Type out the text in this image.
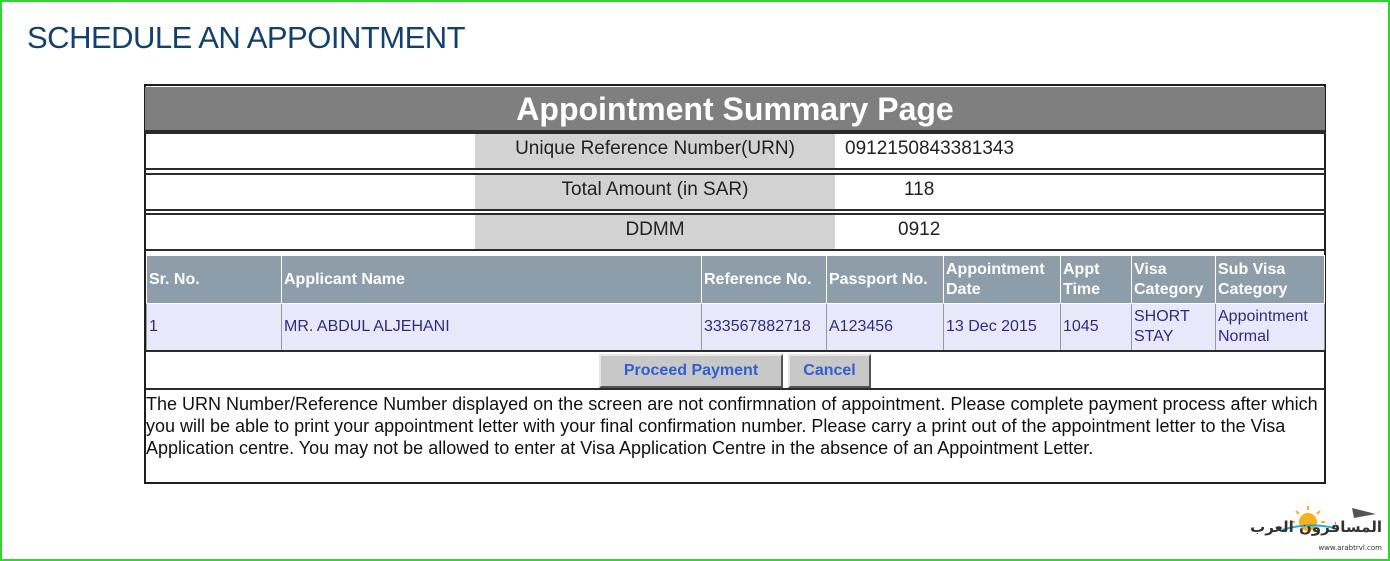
SCHEDULE AN APPOINTMENT
Appointment Summary Page
Unique Reference Number(URN)	0912150843381343
Total Amount (in SAR)	118
DDMM	0912
Sr. No.	Applicant Name	Reference No.	Passport No.	Appointment Date	Appt Time	Visa Category	Sub Visa Category
1	MR. ABDUL ALJEHANI	333567882718	A123456	13 Dec 2015	1045	SHORT STAY	Appointment Normal
Proceed Payment	Cancel
The URN Number/Reference Number displayed on the screen are not confirmnation of appointment. Please complete payment process after which you will be able to print your appointment letter with your final confirmation number. Please carry a print out of the appointment letter to the Visa Application centre. You may not be allowed to enter at Visa Application Centre in the absence of an Appointment Letter.
المسافرون العرب
www.arabtrvl.com
